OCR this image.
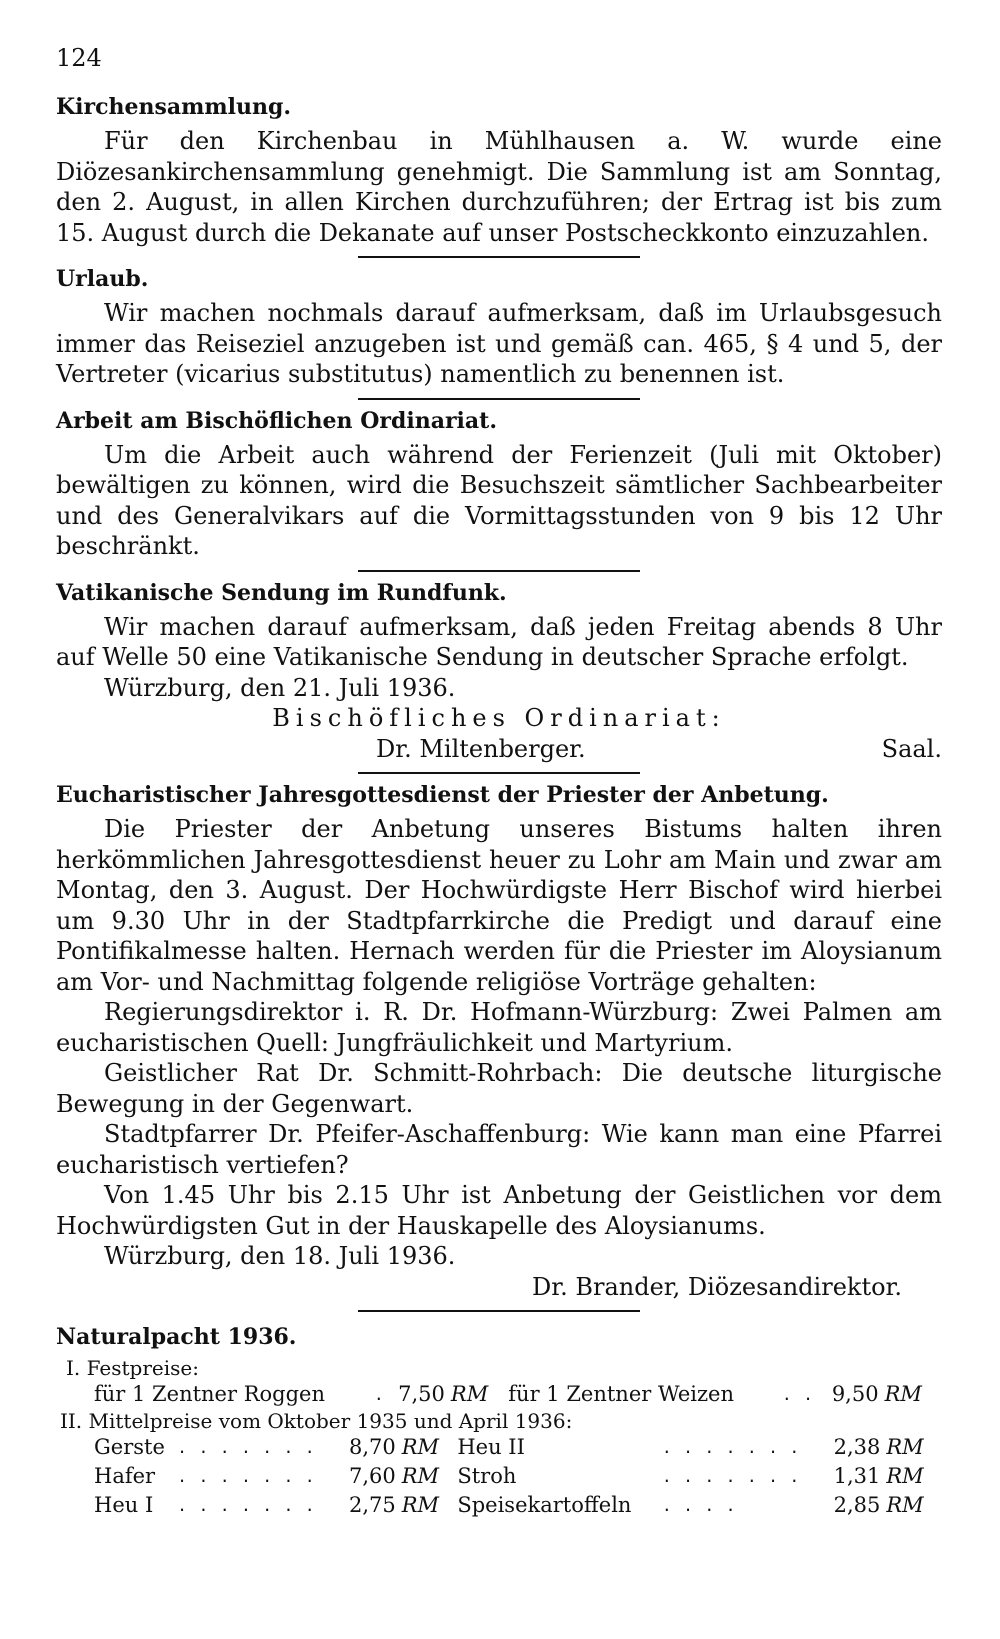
124
Kirchensammlung.

Für den Kirchenbau in Mühlhausen a. W. wurde eine Diözesankirchensammlung genehmigt. Die Sammlung ist am Sonntag, den 2. August, in allen Kirchen durchzuführen; der Ertrag ist bis zum 15. August durch die Dekanate auf unser Postscheckkonto einzuzahlen.

Urlaub.

Wir machen nochmals darauf aufmerksam, daß im Urlaubsgesuch immer das Reiseziel anzugeben ist und gemäß can. 465, § 4 und 5, der Vertreter (vicarius substitutus) namentlich zu benennen ist.

Arbeit am Bischöflichen Ordinariat.

Um die Arbeit auch während der Ferienzeit (Juli mit Oktober) bewältigen zu können, wird die Besuchszeit sämtlicher Sachbearbeiter und des Generalvikars auf die Vormittagsstunden von 9 bis 12 Uhr beschränkt.

Vatikanische Sendung im Rundfunk.

Wir machen darauf aufmerksam, daß jeden Freitag abends 8 Uhr auf Welle 50 eine Vatikanische Sendung in deutscher Sprache erfolgt.

Würzburg, den 21. Juli 1936.

Bischöfliches Ordinariat:
Dr. Miltenberger.	Saal.
Eucharistischer Jahresgottesdienst der Priester der Anbetung.

Die Priester der Anbetung unseres Bistums halten ihren herkömmlichen Jahresgottesdienst heuer zu Lohr am Main und zwar am Montag, den 3. August. Der Hochwürdigste Herr Bischof wird hierbei um 9.30 Uhr in der Stadtpfarrkirche die Predigt und darauf eine Pontifikalmesse halten. Hernach werden für die Priester im Aloysianum am Vor- und Nachmittag folgende religiöse Vorträge gehalten:

Regierungsdirektor i. R. Dr. Hofmann-Würzburg: Zwei Palmen am eucharistischen Quell: Jungfräulichkeit und Martyrium.

Geistlicher Rat Dr. Schmitt-Rohrbach: Die deutsche liturgische Bewegung in der Gegenwart.

Stadtpfarrer Dr. Pfeifer-Aschaffenburg: Wie kann man eine Pfarrei eucharistisch vertiefen?

Von 1.45 Uhr bis 2.15 Uhr ist Anbetung der Geistlichen vor dem Hochwürdigsten Gut in der Hauskapelle des Aloysianums.

Würzburg, den 18. Juli 1936.

Dr. Brander, Diözesandirektor.

Naturalpacht 1936.
I. Festpreise:
	für 1 Zentner Roggen	.	7,50	RM	für 1 Zentner Weizen	. .	9,50	RM
II. Mittelpreise vom Oktober 1935 und April 1936:
	Gerste	. . . . . . .	8,70	RM	Heu II	. . . . . . .	2,38	RM
	Hafer	. . . . . . .	7,60	RM	Stroh	. . . . . . .	1,31	RM
	Heu I	. . . . . . .	2,75	RM	Speisekartoffeln	. . . .	2,85	RM
